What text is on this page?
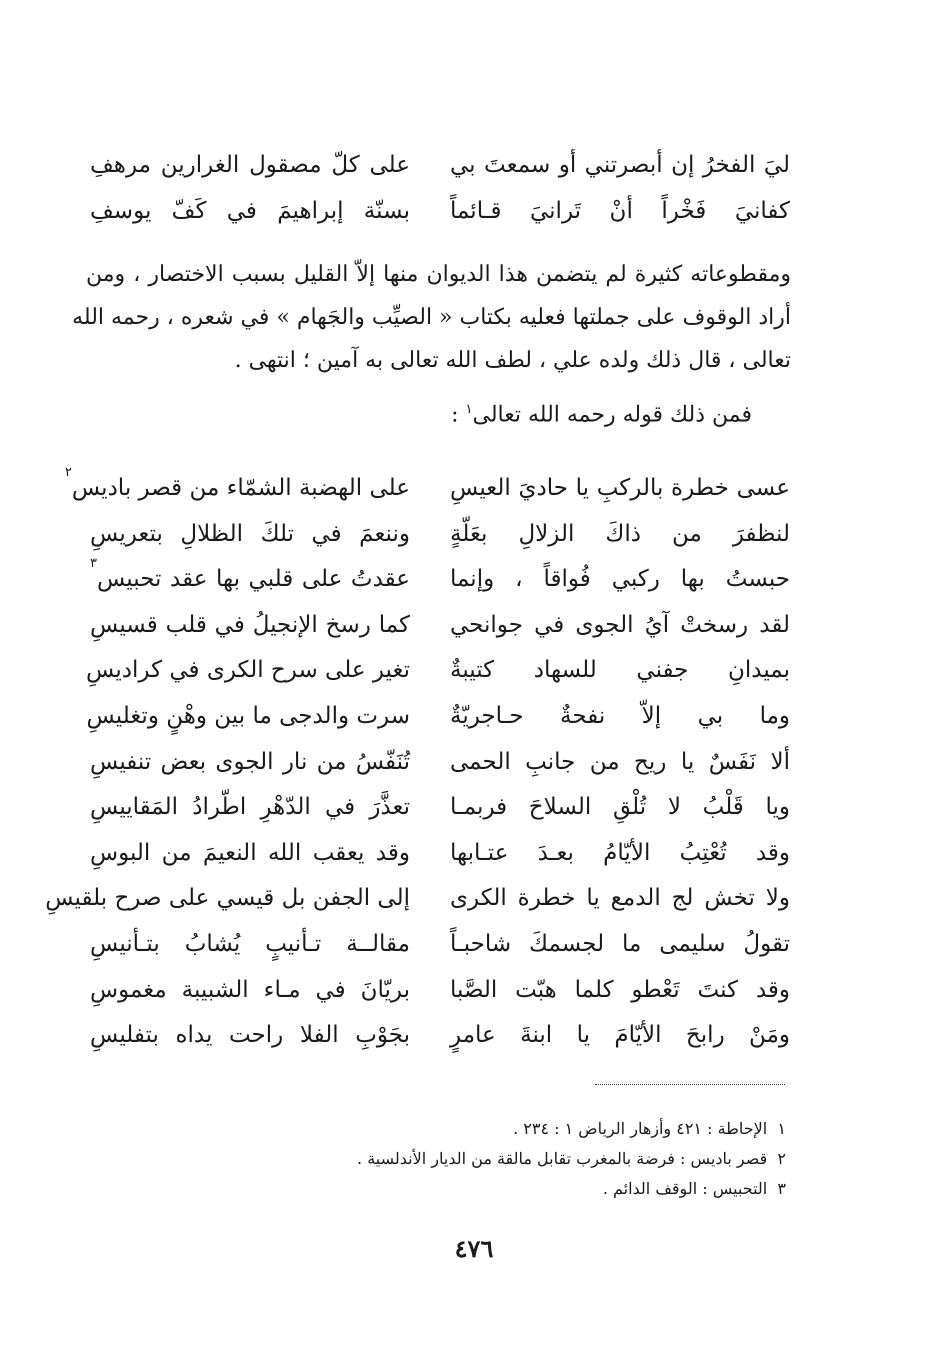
ليَ الفخرُ إن أبصرتني أو سمعتَ بي
على كلّ مصقول الغرارين مرهفِ
كفانيَ فَخْراً أنْ تَرانيَ قـائماً
بسنّة إبراهيمَ في كَفّ يوسفِ
ومقطوعاته كثيرة لم يتضمن هذا الديوان منها إلاّ القليل بسبب الاختصار ، ومن
أراد الوقوف على جملتها فعليه بكتاب « الصيِّب والجَهام » في شعره ، رحمه الله
تعالى ، قال ذلك ولده علي ، لطف الله تعالى به آمين ؛ انتهى .
فمن ذلك قوله رحمه الله تعالى$^١$ :
عسى خطرة بالركبِ يا حاديَ العيسِ
على الهضبة الشمّاء من قصر باديس
٢
لنظفرَ من ذاكَ الزلالِ بعَلّةٍ
وننعمَ في تلكَ الظلالِ بتعريسِ
حبستُ بها ركبي فُواقاً ، وإنما
عقدتُ على قلبي بها عقد تحبيس
٣
لقد رسختْ آيُ الجوى في جوانحي
كما رسخ الإنجيلُ في قلب قسيسِ
بميدانِ جفني للسهاد كتيبةٌ
تغير على سرح الكرى في كراديسِ
وما بي إلاّ نفحةٌ حـاجريّةٌ
سرت والدجى ما بين وهْنٍ وتغليسِ
ألا نَفَسٌ يا ريح من جانبِ الحمى
تُنَفّسُ من نار الجوى بعض تنفيسِ
ويا قَلْبُ لا تُلْقِ السلاحَ فربمـا
تعذَّرَ في الدّهْرِ اطّرادُ المَقاييسِ
وقد تُعْتِبُ الأيّامُ بعـدَ عتـابها
وقد يعقب الله النعيمَ من البوسِ
ولا تخش لج الدمع يا خطرة الكرى
إلى الجفن بل قيسي على صرح بلقيسِ
تقولُ سليمى ما لجسمكَ شاحبـاً
مقالــة تـأنيبٍ يُشابُ بتـأنيسِ
وقد كنتَ تَعْطو كلما هبّت الصَّبا
بريّانَ في مـاء الشبيبة مغموسِ
ومَنْ رابحَ الأيّامَ يا ابنةَ عامرٍ
بجَوْبِ الفلا راحت يداه بتفليسِ
١  الإحاطة : ٤٢١ وأزهار الرياض ١ : ٢٣٤ .
٢  قصر باديس : فرضة بالمغرب تقابل مالقة من الديار الأندلسية .
٣  التحبيس : الوقف الدائم .
٤٧٦
